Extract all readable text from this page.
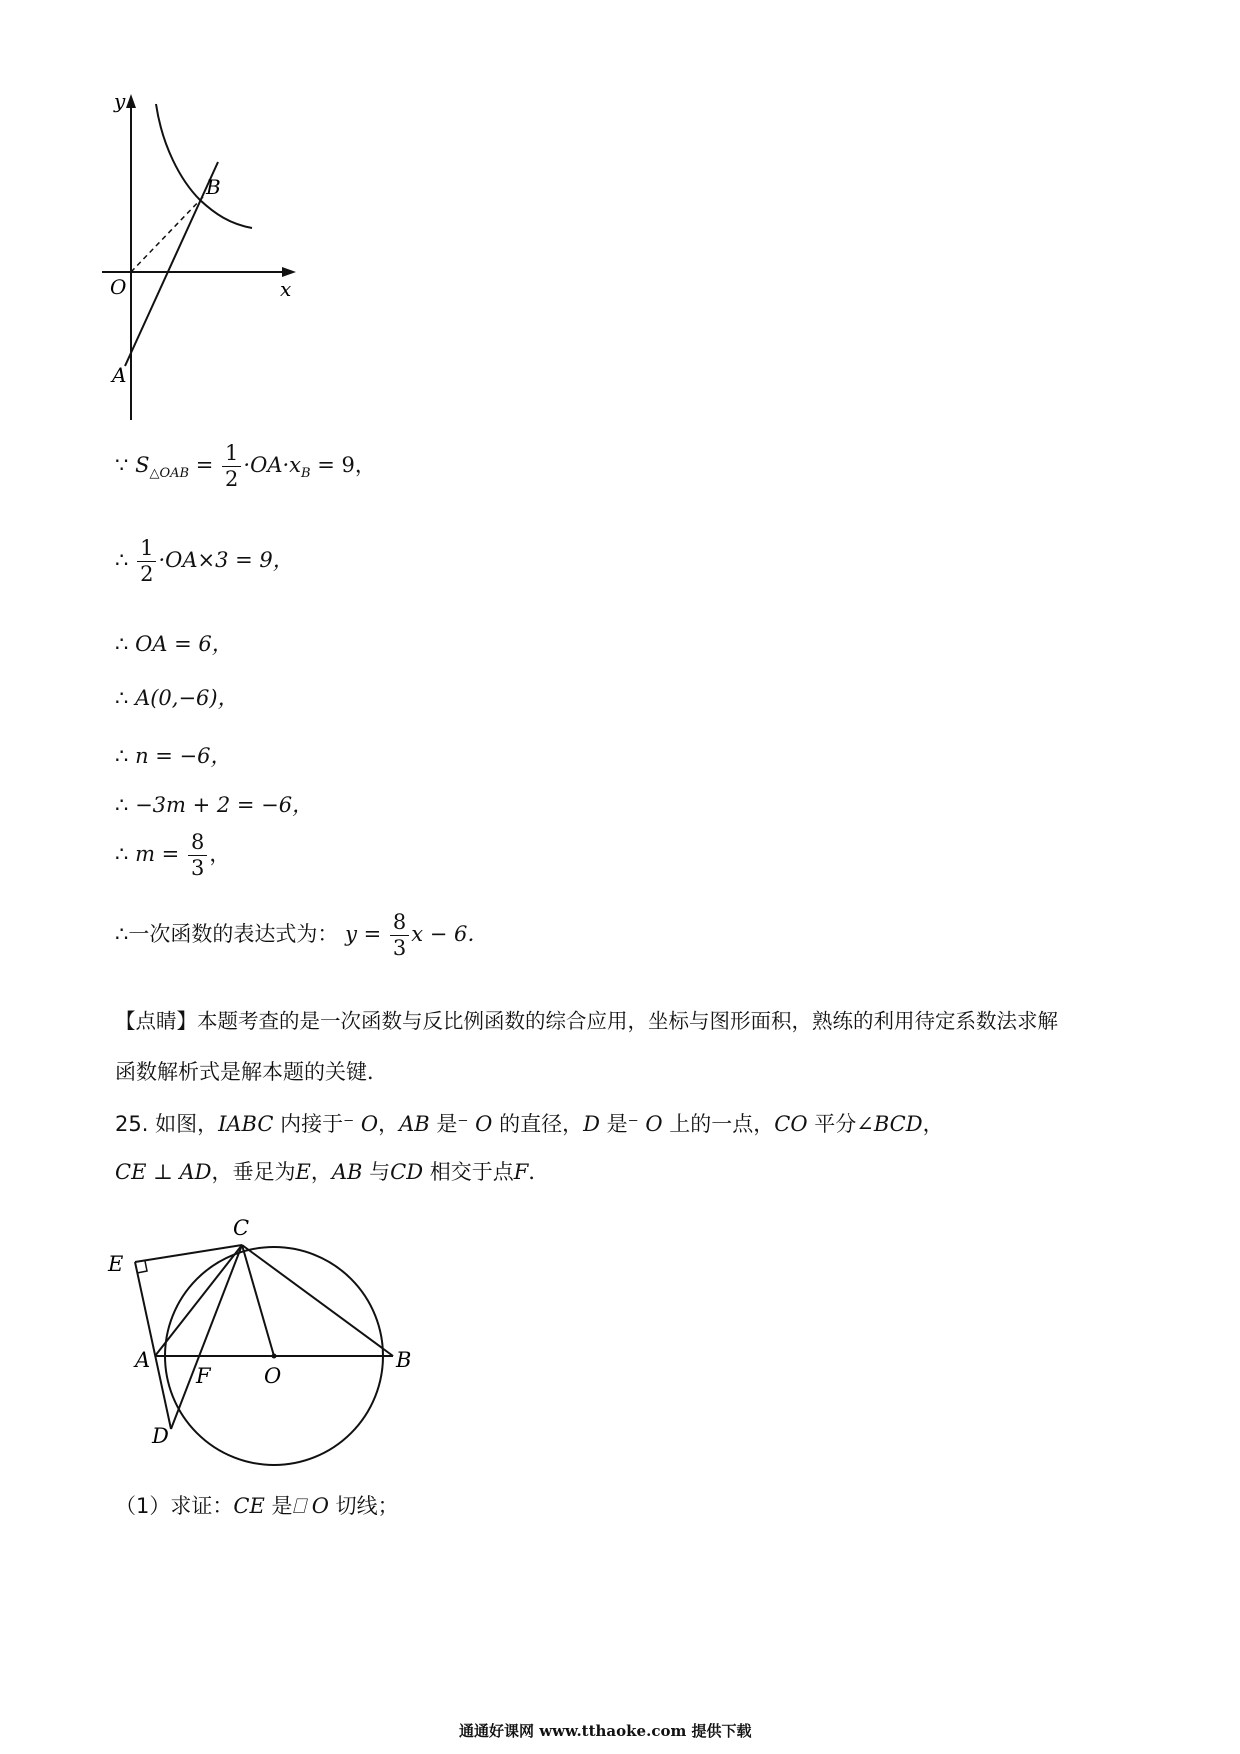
y
x
O
B
A
∵ $S_{\triangle OAB} = \frac{1}{2} \cdot OA\cdot x_B = 9$，
∴ $\frac{1}{2} \cdot OA\times 3 = 9$，
∴ OA = 6，
∴ A(0,−6)，
∴ n = −6，
∴ −3m + 2 = −6，
∴ $m = \frac{8}{3}$ ，
∴一次函数的表达式为： $y = \frac{8}{3}$ x − 6．
【点睛】本题考查的是一次函数与反比例函数的综合应用，坐标与图形面积，熟练的利用待定系数法求解
函数解析式是解本题的关键．
25. 如图，ΙABC 内接于⁻ O，AB 是⁻ O 的直径，D 是⁻ O 上的一点，CO 平分∠BCD，
CE ⊥ AD，垂足为E，AB 与CD 相交于点F．
C
E
A
F	O
B
D
（1）求证：CE 是⎕ O 切线；
通通好课网 www.tthaoke.com 提供下载
